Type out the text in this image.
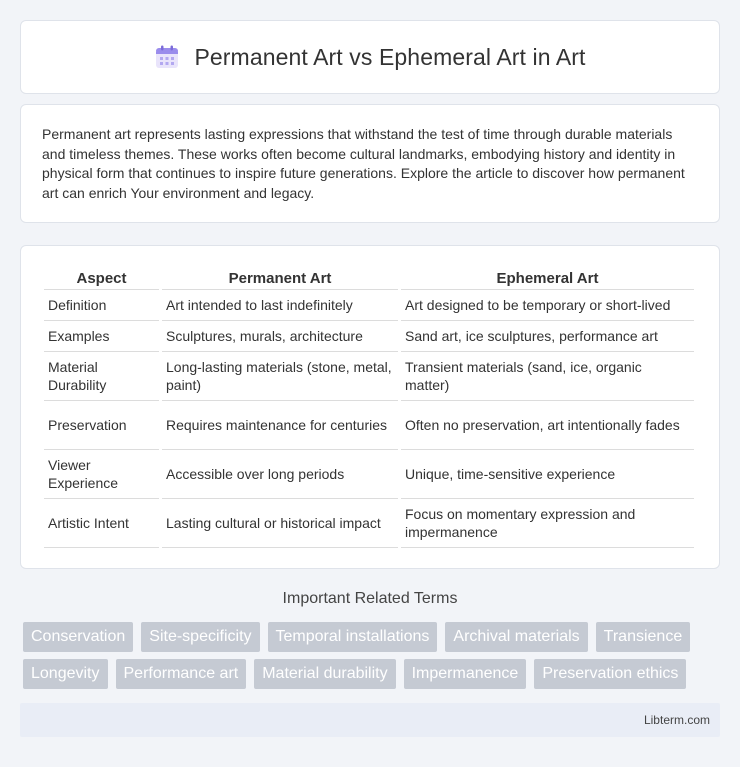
Permanent Art vs Ephemeral Art in Art

Permanent art represents lasting expressions that withstand the test of time through durable materials and timeless themes. These works often become cultural landmarks, embodying history and identity in physical form that continues to inspire future generations. Explore the article to discover how permanent art can enrich Your environment and legacy.

Aspect	Permanent Art	Ephemeral Art
Definition	Art intended to last indefinitely	Art designed to be temporary or short-lived
Examples	Sculptures, murals, architecture	Sand art, ice sculptures, performance art
Material Durability	Long-lasting materials (stone, metal, paint)	Transient materials (sand, ice, organic matter)
Preservation	Requires maintenance for centuries	Often no preservation, art intentionally fades
Viewer Experience	Accessible over long periods	Unique, time-sensitive experience
Artistic Intent	Lasting cultural or historical impact	Focus on momentary expression and impermanence
Important Related Terms
Conservation	Site-specificity	Temporal installations	Archival materials	Transience
Longevity	Performance art	Material durability	Impermanence	Preservation ethics
Libterm.com
